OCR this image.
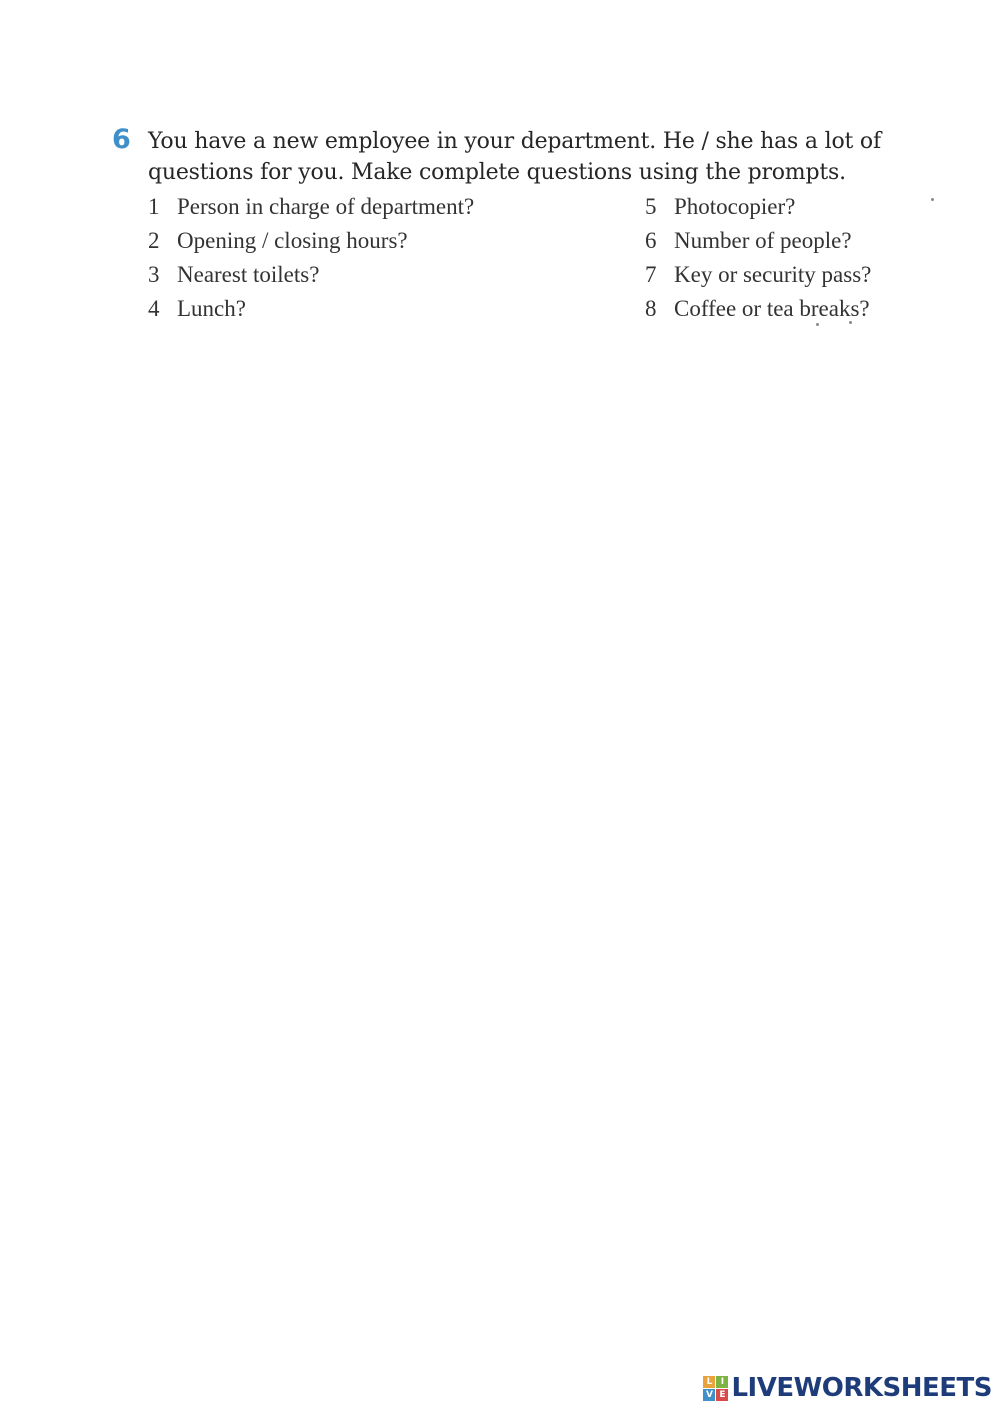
6 You have a new employee in your department. He / she has a lot of questions for you. Make complete questions using the prompts.
1 Person in charge of department?
2 Opening / closing hours?
3 Nearest toilets?
4 Lunch?
5 Photocopier?
6 Number of people?
7 Key or security pass?
8 Coffee or tea breaks?
L I
V E LIVEWORKSHEETS
